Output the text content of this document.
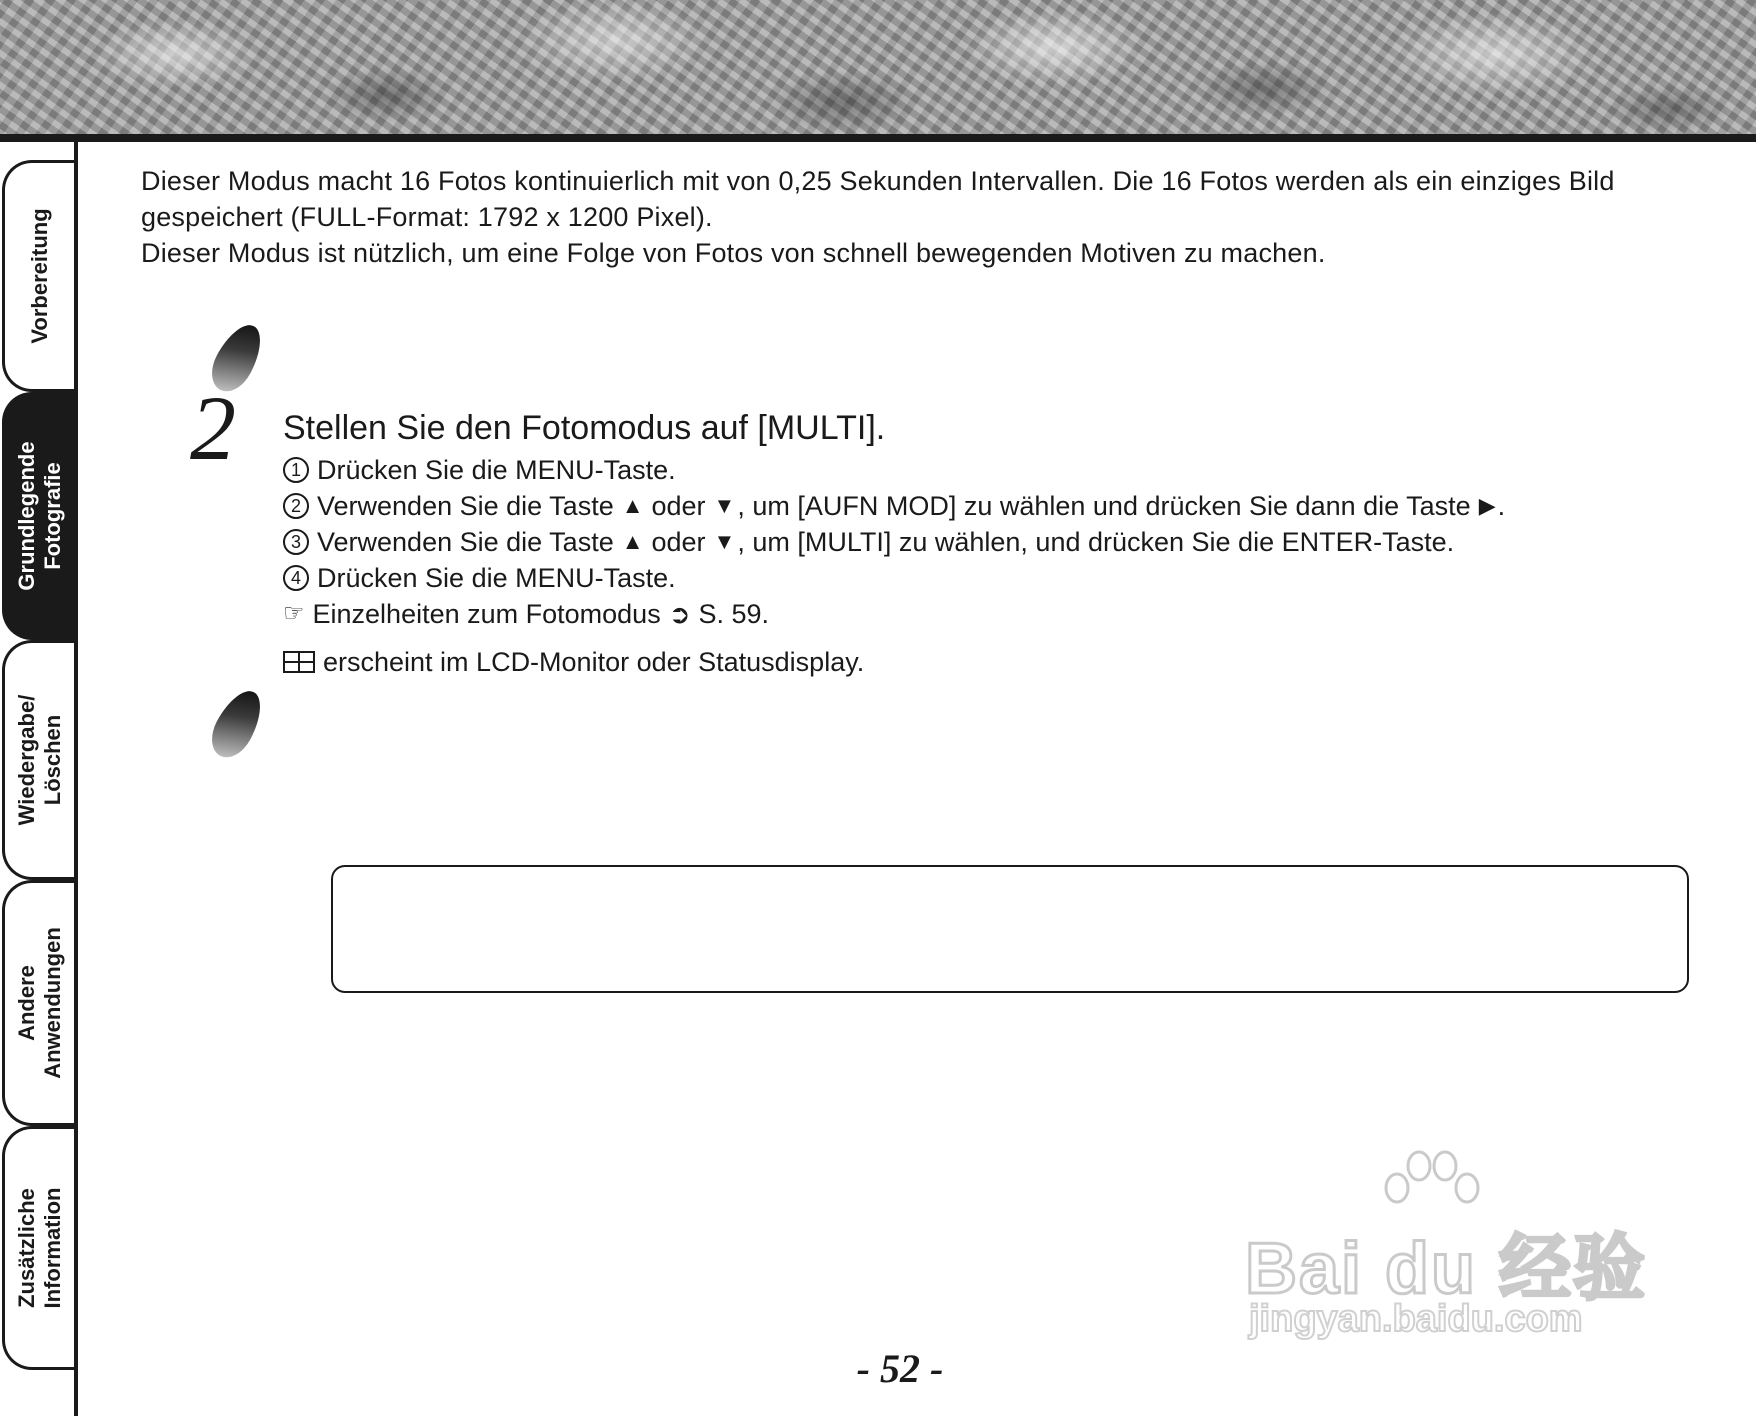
Vorbereitung
Grundlegende Fotografie
Wiedergabe/ Löschen
Andere Anwendungen
Zusätzliche Information

Dieser Modus macht 16 Fotos kontinuierlich mit von 0,25 Sekunden Intervallen. Die 16 Fotos werden als ein einziges Bild gespeichert (FULL-Format: 1792 x 1200 Pixel).

Dieser Modus ist nützlich, um eine Folge von Fotos von schnell bewegenden Motiven zu machen.

2 Stellen Sie den Fotomodus auf [MULTI].
1 Drücken Sie die MENU-Taste.
2 Verwenden Sie die Taste ▲ oder ▼ , um [AUFN MOD] zu wählen und drücken Sie dann die Taste ▶ .
3 Verwenden Sie die Taste ▲ oder ▼ , um [MULTI] zu wählen, und drücken Sie die ENTER-Taste.
4 Drücken Sie die MENU-Taste.
☞ Einzelheiten zum Fotomodus ➲ S. 59.
erscheint im LCD-Monitor oder Statusdisplay.
Bai du 经验
jingyan.baidu.com
- 52 -
